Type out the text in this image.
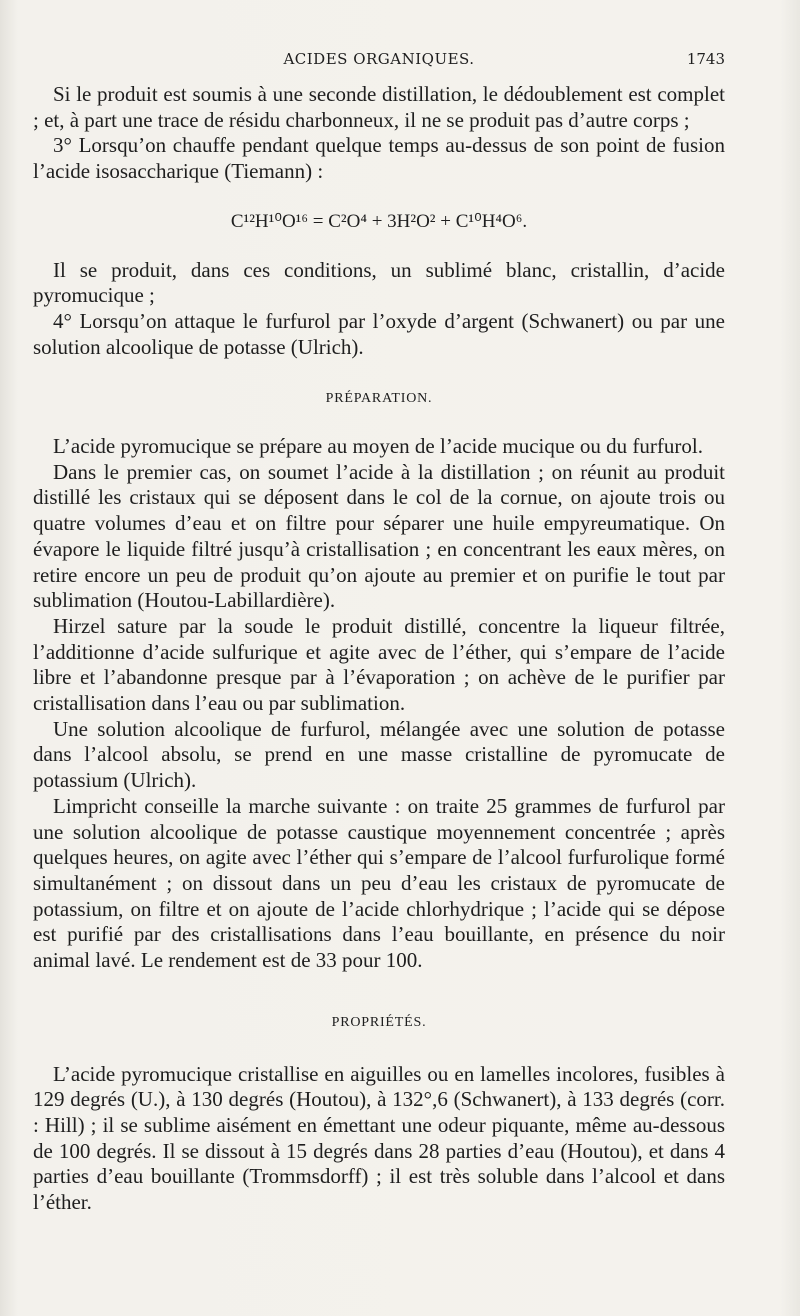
ACIDES ORGANIQUES.	1743

Si le produit est soumis à une seconde distillation, le dédoublement est complet ; et, à part une trace de résidu charbonneux, il ne se produit pas d’autre corps ;

3° Lorsqu’on chauffe pendant quelque temps au-dessus de son point de fusion l’acide isosaccharique (Tiemann) :

C¹²H¹⁰O¹⁶ = C²O⁴ + 3H²O² + C¹⁰H⁴O⁶.

Il se produit, dans ces conditions, un sublimé blanc, cristallin, d’acide pyromucique ;

4° Lorsqu’on attaque le furfurol par l’oxyde d’argent (Schwanert) ou par une solution alcoolique de potasse (Ulrich).

PRÉPARATION.

L’acide pyromucique se prépare au moyen de l’acide mucique ou du furfurol.

Dans le premier cas, on soumet l’acide à la distillation ; on réunit au produit distillé les cristaux qui se déposent dans le col de la cornue, on ajoute trois ou quatre volumes d’eau et on filtre pour séparer une huile empyreumatique. On évapore le liquide filtré jusqu’à cristallisation ; en concentrant les eaux mères, on retire encore un peu de produit qu’on ajoute au premier et on purifie le tout par sublimation (Houtou-Labillardière).

Hirzel sature par la soude le produit distillé, concentre la liqueur filtrée, l’additionne d’acide sulfurique et agite avec de l’éther, qui s’empare de l’acide libre et l’abandonne presque par à l’évaporation ; on achève de le purifier par cristallisation dans l’eau ou par sublimation.

Une solution alcoolique de furfurol, mélangée avec une solution de potasse dans l’alcool absolu, se prend en une masse cristalline de pyromucate de potassium (Ulrich).

Limpricht conseille la marche suivante : on traite 25 grammes de furfurol par une solution alcoolique de potasse caustique moyennement concentrée ; après quelques heures, on agite avec l’éther qui s’empare de l’alcool furfurolique formé simultanément ; on dissout dans un peu d’eau les cristaux de pyromucate de potassium, on filtre et on ajoute de l’acide chlorhydrique ; l’acide qui se dépose est purifié par des cristallisations dans l’eau bouillante, en présence du noir animal lavé. Le rendement est de 33 pour 100.

PROPRIÉTÉS.

L’acide pyromucique cristallise en aiguilles ou en lamelles incolores, fusibles à 129 degrés (U.), à 130 degrés (Houtou), à 132°,6 (Schwanert), à 133 degrés (corr. : Hill) ; il se sublime aisément en émettant une odeur piquante, même au-dessous de 100 degrés. Il se dissout à 15 degrés dans 28 parties d’eau (Houtou), et dans 4 parties d’eau bouillante (Trommsdorff) ; il est très soluble dans l’alcool et dans l’éther.
